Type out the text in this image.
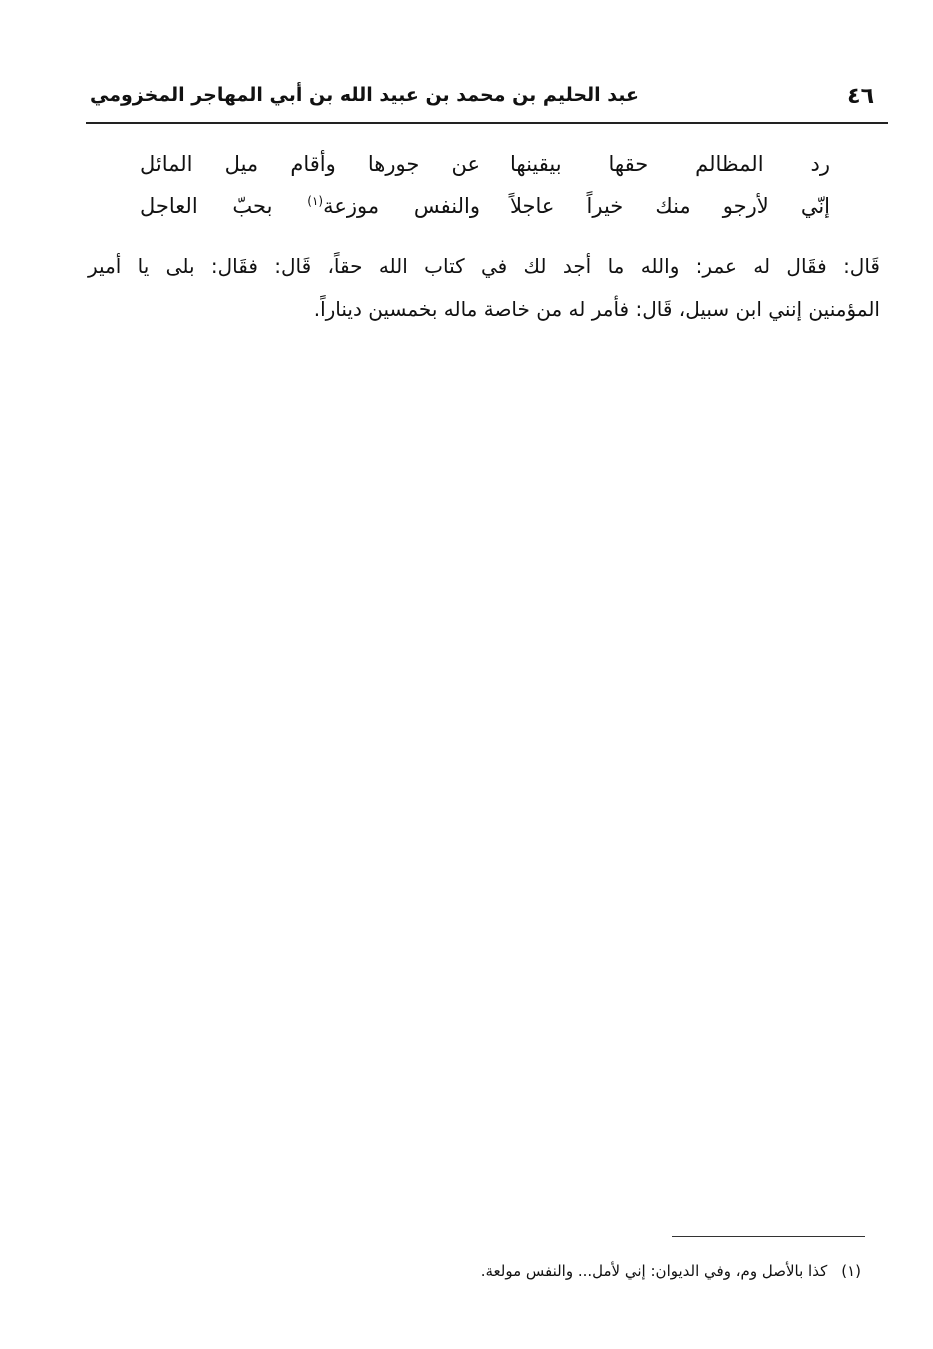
٤٦
عبد الحليم بن محمد بن عبيد الله بن أبي المهاجر المخزومي
رد المظالم حقها بيقينها
عن جورها وأقام ميل المائل
إنّي لأرجو منك خيراً عاجلاً
والنفس موزعة$^{(١)}$ بحبّ العاجل
قَال: فقَال له عمر: والله ما أجد لك في كتاب الله حقاً، قَال: فقَال: بلى يا أمير
المؤمنين إنني ابن سبيل، قَال: فأمر له من خاصة ماله بخمسين ديناراً.
(١)كذا بالأصل وم، وفي الديوان: إني لأمل... والنفس مولعة.
